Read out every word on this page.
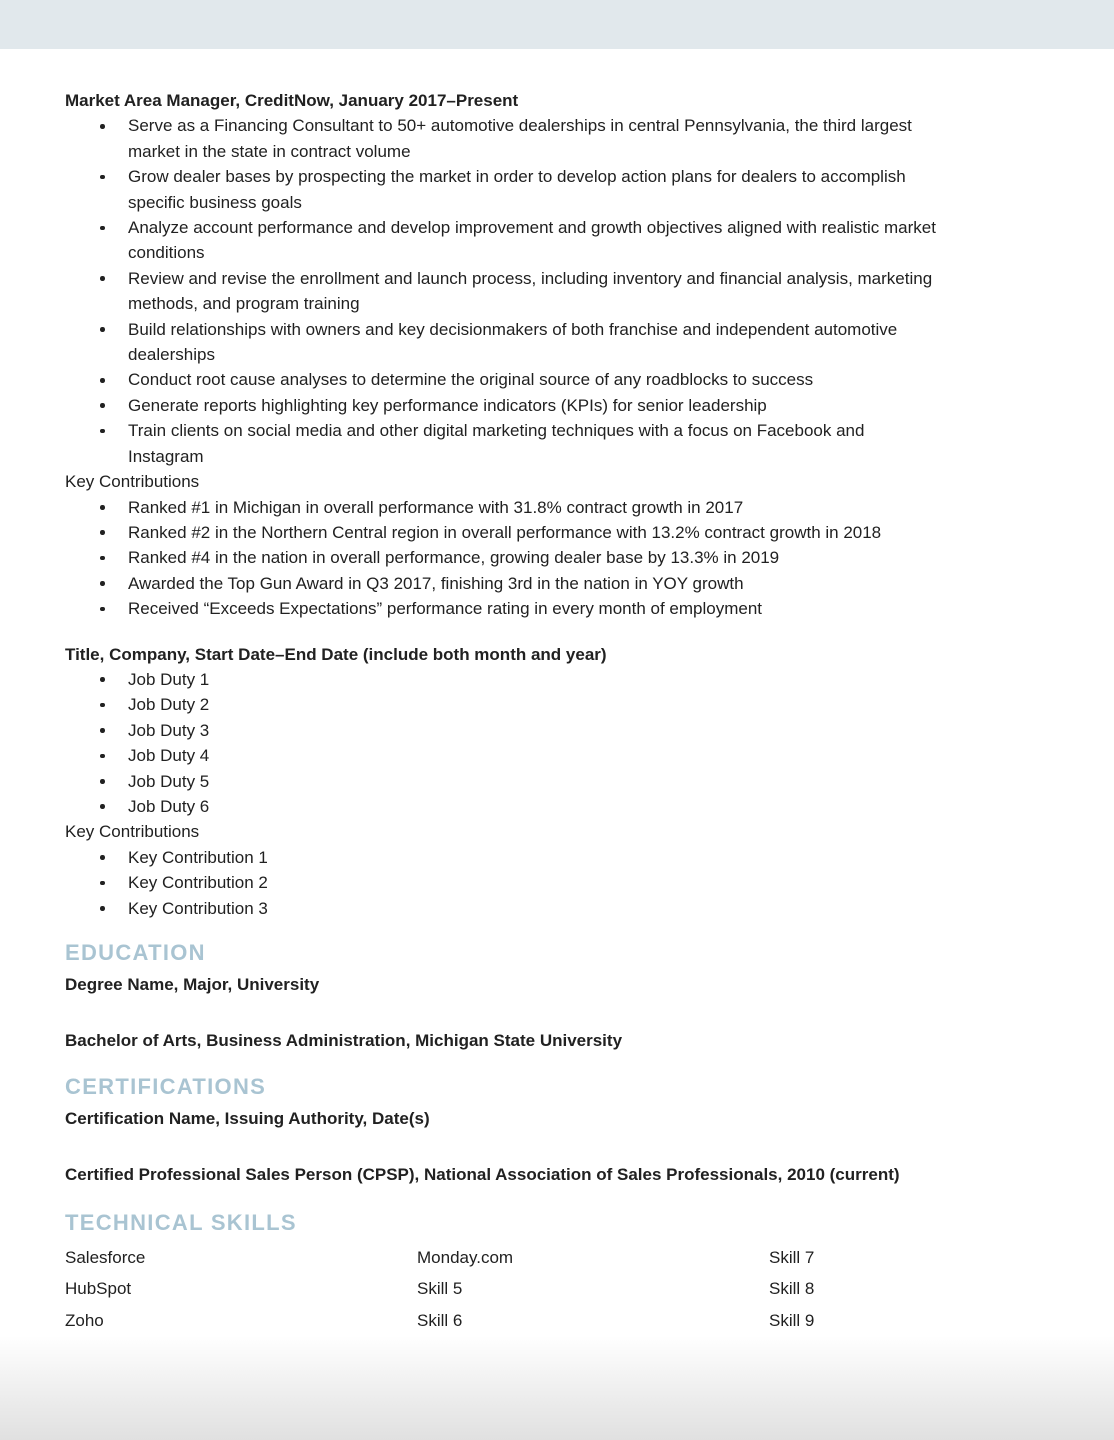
Market Area Manager, CreditNow, January 2017–Present
Serve as a Financing Consultant to 50+ automotive dealerships in central Pennsylvania, the third largest market in the state in contract volume
Grow dealer bases by prospecting the market in order to develop action plans for dealers to accomplish specific business goals
Analyze account performance and develop improvement and growth objectives aligned with realistic market conditions
Review and revise the enrollment and launch process, including inventory and financial analysis, marketing methods, and program training
Build relationships with owners and key decisionmakers of both franchise and independent automotive dealerships
Conduct root cause analyses to determine the original source of any roadblocks to success
Generate reports highlighting key performance indicators (KPIs) for senior leadership
Train clients on social media and other digital marketing techniques with a focus on Facebook and Instagram

Key Contributions

Ranked #1 in Michigan in overall performance with 31.8% contract growth in 2017
Ranked #2 in the Northern Central region in overall performance with 13.2% contract growth in 2018
Ranked #4 in the nation in overall performance, growing dealer base by 13.3% in 2019
Awarded the Top Gun Award in Q3 2017, finishing 3rd in the nation in YOY growth
Received “Exceeds Expectations” performance rating in every month of employment
Title, Company, Start Date–End Date (include both month and year)
Job Duty 1
Job Duty 2
Job Duty 3
Job Duty 4
Job Duty 5
Job Duty 6

Key Contributions

Key Contribution 1
Key Contribution 2
Key Contribution 3
EDUCATION

Degree Name, Major, University

Bachelor of Arts, Business Administration, Michigan State University

CERTIFICATIONS

Certification Name, Issuing Authority, Date(s)

Certified Professional Sales Person (CPSP), National Association of Sales Professionals, 2010 (current)

TECHNICAL SKILLS
Salesforce
HubSpot
Zoho
Monday.com
Skill 5
Skill 6
Skill 7
Skill 8
Skill 9
